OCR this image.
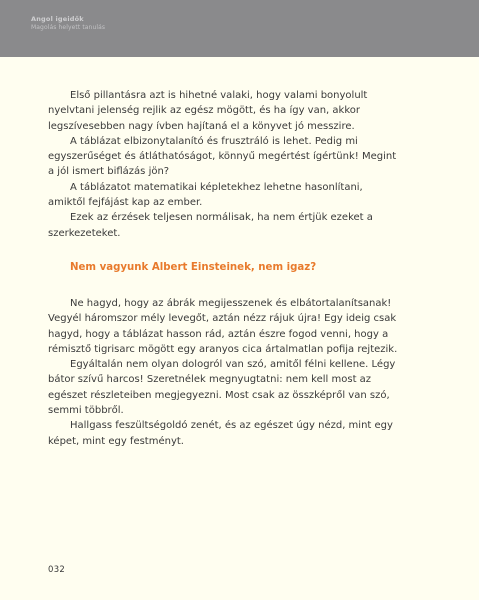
Angol igeidők
Magolás helyett tanulás

Első pillantásra azt is hihetné valaki, hogy valami bonyolult nyelvtani jelenség rejlik az egész mögött, és ha így van, akkor legszívesebben nagy ívben hajítaná el a könyvet jó messzire.

A táblázat elbizonytalanító és frusztráló is lehet. Pedig mi egyszerűséget és átláthatóságot, könnyű megértést ígértünk! Megint a jól ismert biflázás jön?

A táblázatot matematikai képletekhez lehetne hasonlítani, amiktől fejfájást kap az ember.

Ezek az érzések teljesen normálisak, ha nem értjük ezeket a szerkezeteket.

Nem vagyunk Albert Einsteinek, nem igaz?

Ne hagyd, hogy az ábrák megijesszenek és elbátortalanítsanak! Vegyél háromszor mély levegőt, aztán nézz rájuk újra! Egy ideig csak hagyd, hogy a táblázat hasson rád, aztán észre fogod venni, hogy a rémisztő tigrisarc mögött egy aranyos cica ártalmatlan pofija rejtezik.

Egyáltalán nem olyan dologról van szó, amitől félni kellene. Légy bátor szívű harcos! Szeretnélek megnyugtatni: nem kell most az egészet részleteiben megjegyezni. Most csak az összképről van szó, semmi többről.

Hallgass feszültségoldó zenét, és az egészet úgy nézd, mint egy képet, mint egy festményt.

032
